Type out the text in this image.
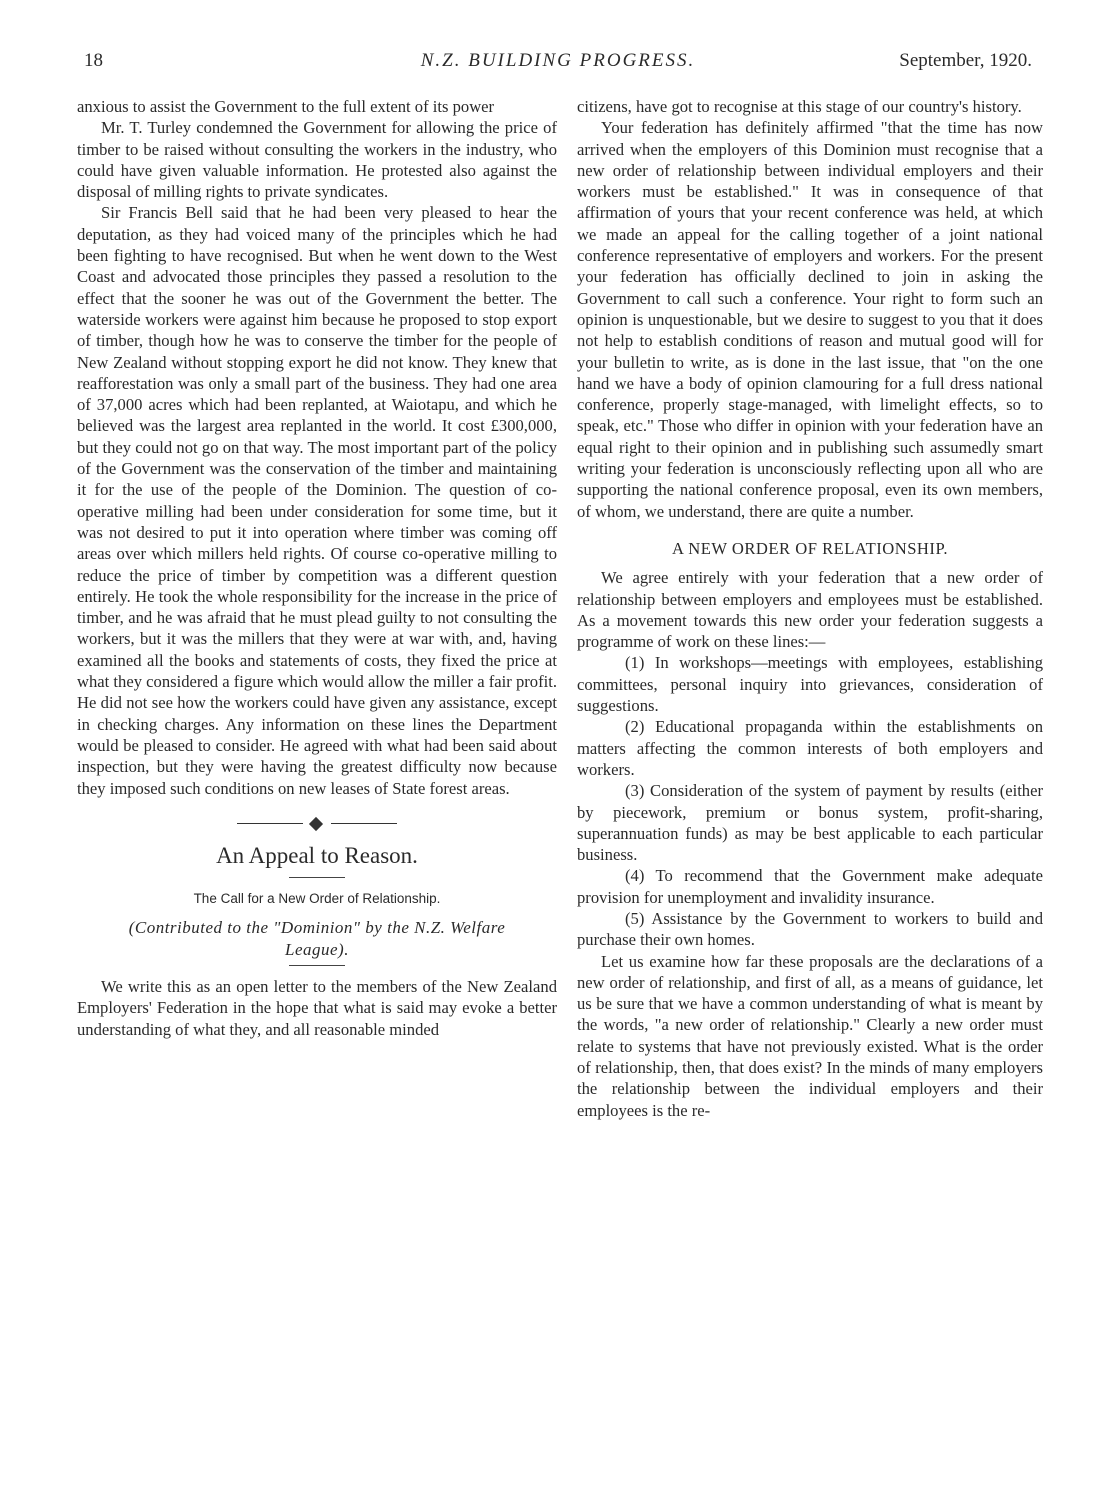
18	N.Z. BUILDING PROGRESS.	September, 1920.

anxious to assist the Government to the full extent of its power

Mr. T. Turley condemned the Government for allowing the price of timber to be raised without consulting the workers in the industry, who could have given valuable information. He protested also against the disposal of milling rights to private syndicates.

Sir Francis Bell said that he had been very pleased to hear the deputation, as they had voiced many of the principles which he had been fighting to have recognised. But when he went down to the West Coast and advocated those principles they passed a resolution to the effect that the sooner he was out of the Government the better. The waterside workers were against him because he proposed to stop export of timber, though how he was to conserve the timber for the people of New Zealand without stopping export he did not know. They knew that reafforestation was only a small part of the business. They had one area of 37,000 acres which had been replanted, at Waiotapu, and which he believed was the largest area replanted in the world. It cost £300,000, but they could not go on that way. The most important part of the policy of the Government was the conservation of the timber and maintaining it for the use of the people of the Dominion. The question of co-operative milling had been under consideration for some time, but it was not desired to put it into operation where timber was coming off areas over which millers held rights. Of course co-operative milling to reduce the price of timber by competition was a different question entirely. He took the whole responsibility for the increase in the price of timber, and he was afraid that he must plead guilty to not consulting the workers, but it was the millers that they were at war with, and, having examined all the books and statements of costs, they fixed the price at what they considered a figure which would allow the miller a fair profit. He did not see how the workers could have given any assistance, except in checking charges. Any information on these lines the Department would be pleased to consider. He agreed with what had been said about inspection, but they were having the greatest difficulty now because they imposed such conditions on new leases of State forest areas.

An Appeal to Reason.
The Call for a New Order of Relationship.
(Contributed to the "Dominion" by the N.Z. Welfare League).

We write this as an open letter to the members of the New Zealand Employers' Federation in the hope that what is said may evoke a better understanding of what they, and all reasonable minded

citizens, have got to recognise at this stage of our country's history.

Your federation has definitely affirmed "that the time has now arrived when the employers of this Dominion must recognise that a new order of relationship between individual employers and their workers must be established." It was in consequence of that affirmation of yours that your recent conference was held, at which we made an appeal for the calling together of a joint national conference representative of employers and workers. For the present your federation has officially declined to join in asking the Government to call such a conference. Your right to form such an opinion is unquestionable, but we desire to suggest to you that it does not help to establish conditions of reason and mutual good will for your bulletin to write, as is done in the last issue, that "on the one hand we have a body of opinion clamouring for a full dress national conference, properly stage-managed, with limelight effects, so to speak, etc." Those who differ in opinion with your federation have an equal right to their opinion and in publishing such assumedly smart writing your federation is unconsciously reflecting upon all who are supporting the national conference proposal, even its own members, of whom, we understand, there are quite a number.

A NEW ORDER OF RELATIONSHIP.

We agree entirely with your federation that a new order of relationship between employers and employees must be established. As a movement towards this new order your federation suggests a programme of work on these lines:—

(1) In workshops—meetings with employees, establishing committees, personal inquiry into grievances, consideration of suggestions.

(2) Educational propaganda within the establishments on matters affecting the common interests of both employers and workers.

(3) Consideration of the system of payment by results (either by piecework, premium or bonus system, profit-sharing, superannuation funds) as may be best applicable to each particular business.

(4) To recommend that the Government make adequate provision for unemployment and invalidity insurance.

(5) Assistance by the Government to workers to build and purchase their own homes.

Let us examine how far these proposals are the declarations of a new order of relationship, and first of all, as a means of guidance, let us be sure that we have a common understanding of what is meant by the words, "a new order of relationship." Clearly a new order must relate to systems that have not previously existed. What is the order of relationship, then, that does exist? In the minds of many employers the relationship between the individual employers and their employees is the re-
